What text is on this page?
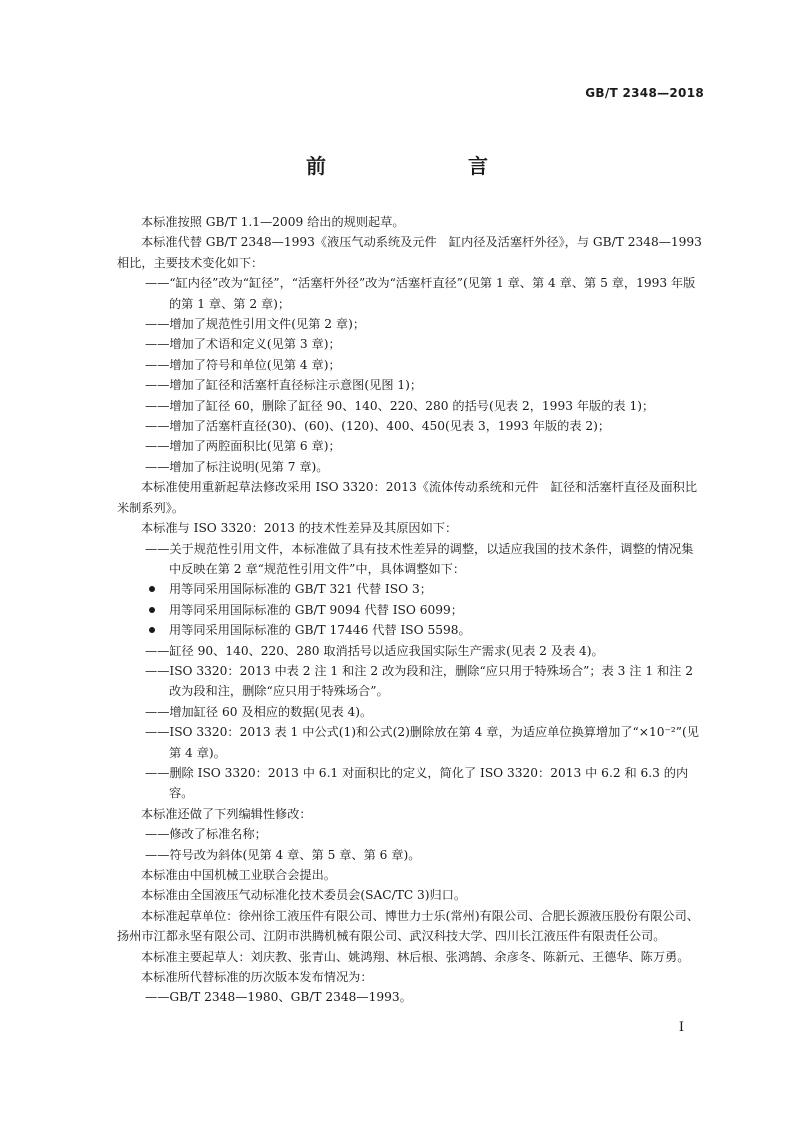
GB/T 2348—2018
前　　言

本标准按照 GB/T 1.1—2009 给出的规则起草。

本标准代替 GB/T 2348—1993《液压气动系统及元件　缸内径及活塞杆外径》，与 GB/T 2348—1993 相比，主要技术变化如下：

——“缸内径”改为“缸径”，“活塞杆外径”改为“活塞杆直径”(见第 1 章、第 4 章、第 5 章，1993 年版的第 1 章、第 2 章)；

——增加了规范性引用文件(见第 2 章)；

——增加了术语和定义(见第 3 章)；

——增加了符号和单位(见第 4 章)；

——增加了缸径和活塞杆直径标注示意图(见图 1)；

——增加了缸径 60，删除了缸径 90、140、220、280 的括号(见表 2，1993 年版的表 1)；

——增加了活塞杆直径(30)、(60)、(120)、400、450(见表 3，1993 年版的表 2)；

——增加了两腔面积比(见第 6 章)；

——增加了标注说明(见第 7 章)。

本标准使用重新起草法修改采用 ISO 3320：2013《流体传动系统和元件　缸径和活塞杆直径及面积比　米制系列》。

本标准与 ISO 3320：2013 的技术性差异及其原因如下：

——关于规范性引用文件，本标准做了具有技术性差异的调整，以适应我国的技术条件，调整的情况集中反映在第 2 章“规范性引用文件”中，具体调整如下：

用等同采用国际标准的 GB/T 321 代替 ISO 3；

用等同采用国际标准的 GB/T 9094 代替 ISO 6099；

用等同采用国际标准的 GB/T 17446 代替 ISO 5598。

——缸径 90、140、220、280 取消括号以适应我国实际生产需求(见表 2 及表 4)。

——ISO 3320：2013 中表 2 注 1 和注 2 改为段和注，删除“应只用于特殊场合”；表 3 注 1 和注 2 改为段和注，删除“应只用于特殊场合”。

——增加缸径 60 及相应的数据(见表 4)。

——ISO 3320：2013 表 1 中公式(1)和公式(2)删除放在第 4 章，为适应单位换算增加了“×10⁻²”(见第 4 章)。

——删除 ISO 3320：2013 中 6.1 对面积比的定义，简化了 ISO 3320：2013 中 6.2 和 6.3 的内容。

本标准还做了下列编辑性修改：

——修改了标准名称；

——符号改为斜体(见第 4 章、第 5 章、第 6 章)。

本标准由中国机械工业联合会提出。

本标准由全国液压气动标准化技术委员会(SAC/TC 3)归口。

本标准起草单位：徐州徐工液压件有限公司、博世力士乐(常州)有限公司、合肥长源液压股份有限公司、扬州市江都永坚有限公司、江阴市洪腾机械有限公司、武汉科技大学、四川长江液压件有限责任公司。

本标准主要起草人：刘庆教、张青山、姚鸿翔、林后根、张鸿鹄、余彦冬、陈新元、王德华、陈万勇。

本标准所代替标准的历次版本发布情况为：

——GB/T 2348—1980、GB/T 2348—1993。

I
